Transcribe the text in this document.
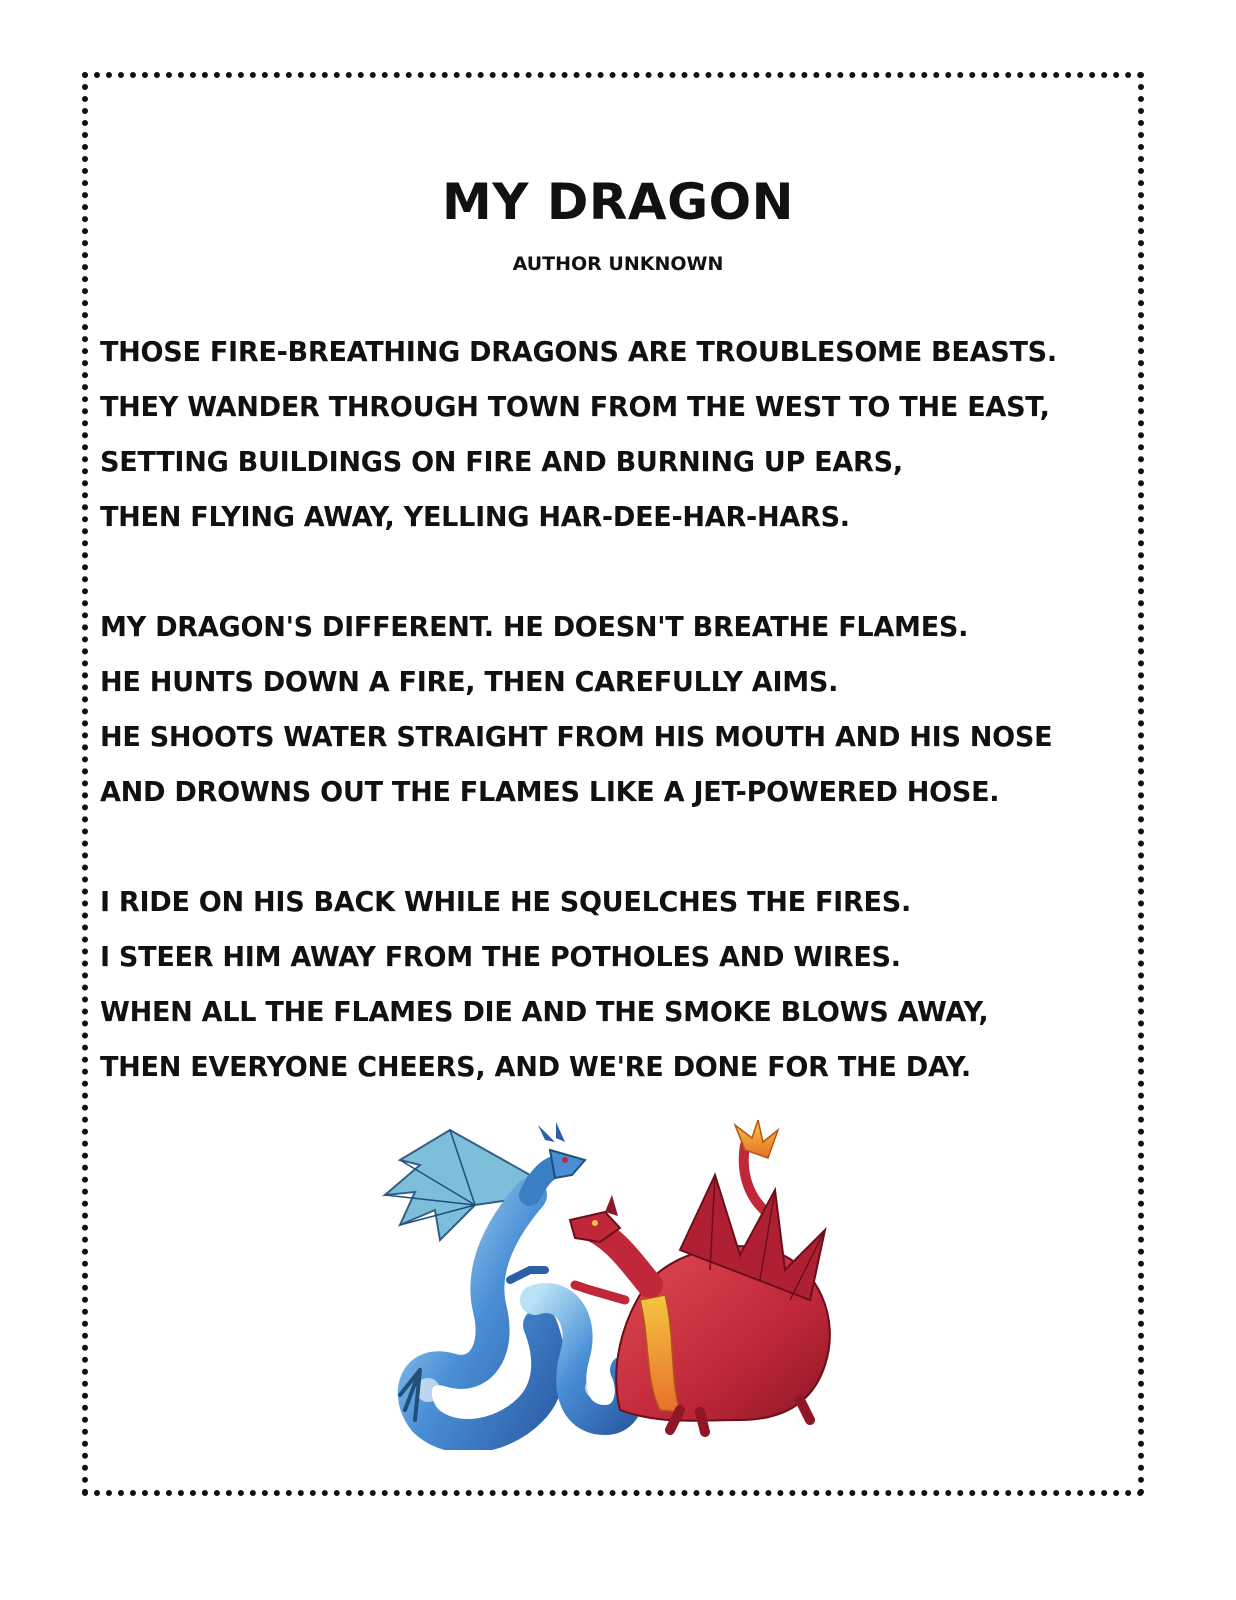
MY DRAGON
AUTHOR UNKNOWN
THOSE FIRE-BREATHING DRAGONS ARE TROUBLESOME BEASTS.
THEY WANDER THROUGH TOWN FROM THE WEST TO THE EAST,
SETTING BUILDINGS ON FIRE AND BURNING UP EARS,
THEN FLYING AWAY, YELLING HAR-DEE-HAR-HARS.
MY DRAGON'S DIFFERENT. HE DOESN'T BREATHE FLAMES.
HE HUNTS DOWN A FIRE, THEN CAREFULLY AIMS.
HE SHOOTS WATER STRAIGHT FROM HIS MOUTH AND HIS NOSE
AND DROWNS OUT THE FLAMES LIKE A JET-POWERED HOSE.
I RIDE ON HIS BACK WHILE HE SQUELCHES THE FIRES.
I STEER HIM AWAY FROM THE POTHOLES AND WIRES.
WHEN ALL THE FLAMES DIE AND THE SMOKE BLOWS AWAY,
THEN EVERYONE CHEERS, AND WE'RE DONE FOR THE DAY.
